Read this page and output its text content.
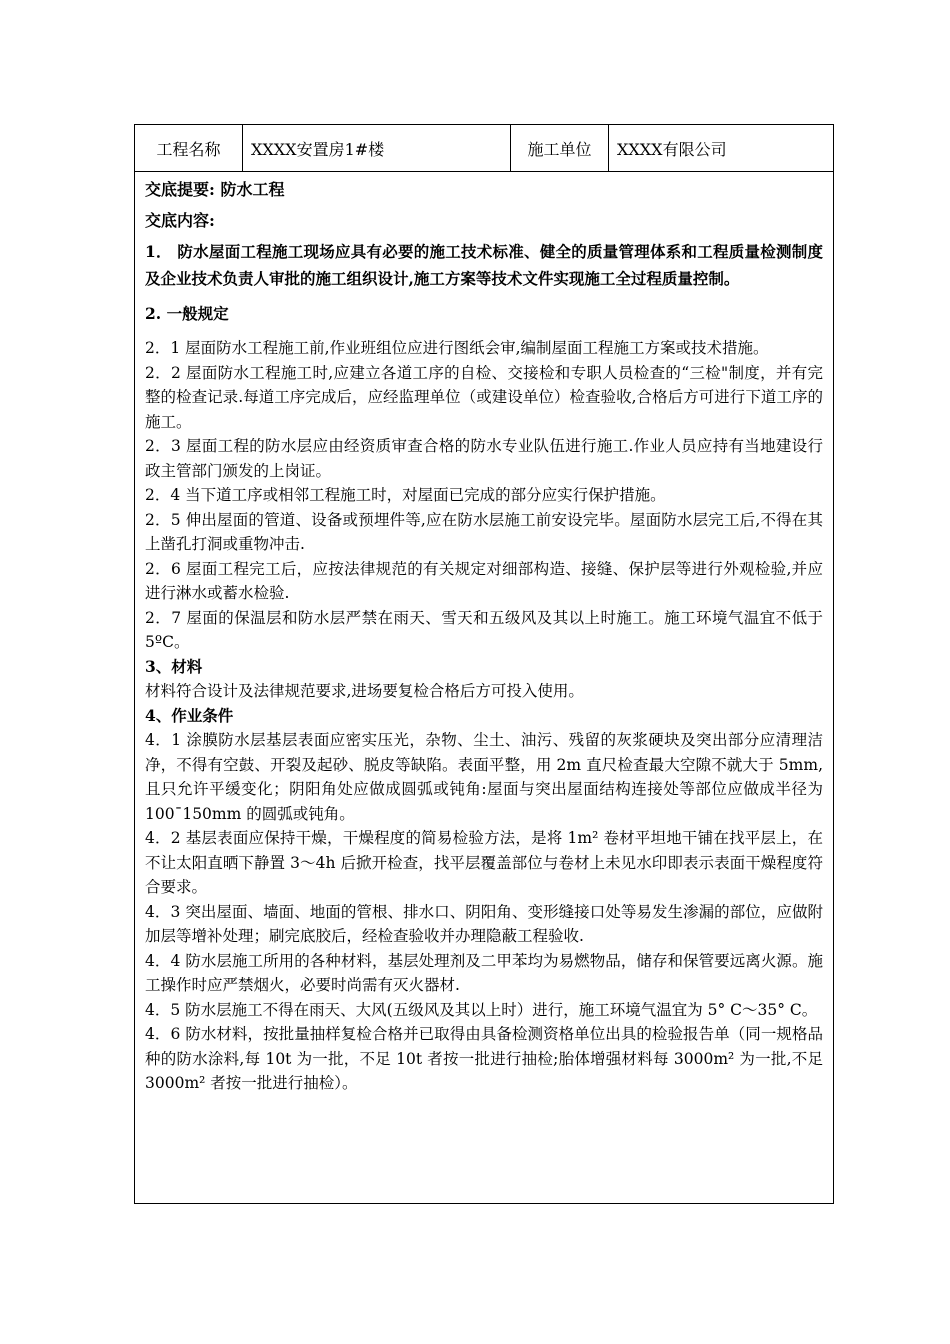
工程名称	XXXX安置房1#楼	施工单位	XXXX有限公司

交底提要: 防水工程

交底内容:

1． 防水屋面工程施工现场应具有必要的施工技术标准、健全的质量管理体系和工程质量检测制度及企业技术负责人审批的施工组织设计,施工方案等技术文件实现施工全过程质量控制。

2. 一般规定

2．1 屋面防水工程施工前,作业班组位应进行图纸会审,编制屋面工程施工方案或技术措施。

2．2 屋面防水工程施工时,应建立各道工序的自检、交接检和专职人员检查的“三检"制度，并有完整的检查记录.每道工序完成后，应经监理单位（或建设单位）检查验收,合格后方可进行下道工序的施工。

2．3 屋面工程的防水层应由经资质审查合格的防水专业队伍进行施工.作业人员应持有当地建设行政主管部门颁发的上岗证。

2．4 当下道工序或相邻工程施工时，对屋面已完成的部分应实行保护措施。

2．5 伸出屋面的管道、设备或预埋件等,应在防水层施工前安设完毕。屋面防水层完工后,不得在其上凿孔打洞或重物冲击.

2．6 屋面工程完工后，应按法律规范的有关规定对细部构造、接缝、保护层等进行外观检验,并应进行淋水或蓄水检验.

2．7 屋面的保温层和防水层严禁在雨天、雪天和五级风及其以上时施工。施工环境气温宜不低于5ºC。

3、材料

材料符合设计及法律规范要求,进场要复检合格后方可投入使用。

4、作业条件

4．1 涂膜防水层基层表面应密实压光，杂物、尘土、油污、残留的灰浆硬块及突出部分应清理洁净，不得有空鼓、开裂及起砂、脱皮等缺陷。表面平整，用 2m 直尺检查最大空隙不就大于 5mm,且只允许平缓变化；阴阳角处应做成圆弧或钝角:屋面与突出屋面结构连接处等部位应做成半径为100¯150mm 的圆弧或钝角。

4．2 基层表面应保持干燥，干燥程度的简易检验方法，是将 1m² 卷材平坦地干铺在找平层上，在不让太阳直晒下静置 3～4h 后掀开检查，找平层覆盖部位与卷材上未见水印即表示表面干燥程度符合要求。

4．3 突出屋面、墙面、地面的管根、排水口、阴阳角、变形缝接口处等易发生渗漏的部位，应做附加层等增补处理；刷完底胶后，经检查验收并办理隐蔽工程验收.

4．4 防水层施工所用的各种材料，基层处理剂及二甲苯均为易燃物品，储存和保管要远离火源。施工操作时应严禁烟火，必要时尚需有灭火器材.

4．5 防水层施工不得在雨天、大风(五级风及其以上时）进行，施工环境气温宜为 5° C～35° C。

4．6 防水材料，按批量抽样复检合格并已取得由具备检测资格单位出具的检验报告单（同一规格品种的防水涂料,每 10t 为一批，不足 10t 者按一批进行抽检;胎体增强材料每 3000m² 为一批,不足 3000m² 者按一批进行抽检）。
